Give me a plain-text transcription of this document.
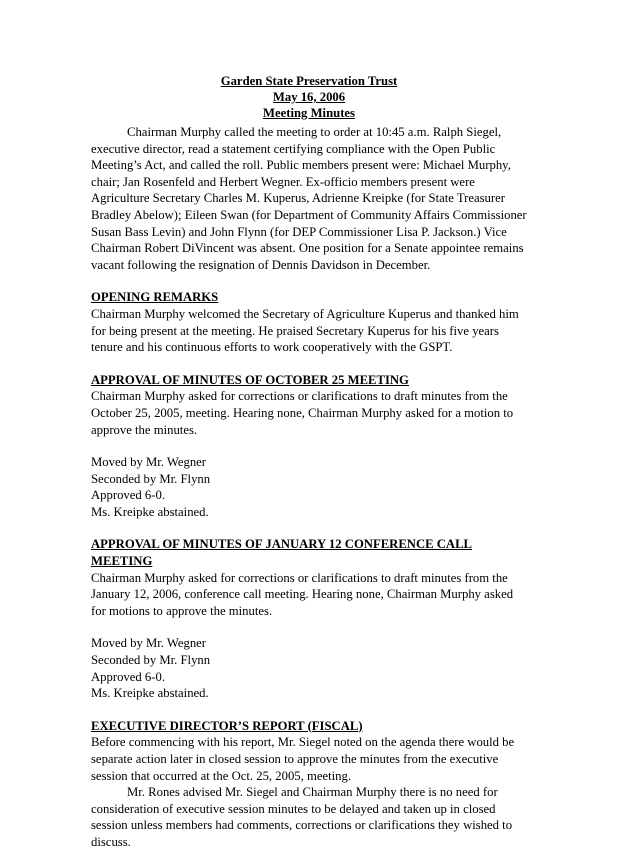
Garden State Preservation Trust
May 16, 2006
Meeting Minutes

Chairman Murphy called the meeting to order at 10:45 a.m. Ralph Siegel, executive director, read a statement certifying compliance with the Open Public Meeting’s Act, and called the roll. Public members present were: Michael Murphy, chair; Jan Rosenfeld and Herbert Wegner. Ex-officio members present were Agriculture Secretary Charles M. Kuperus, Adrienne Kreipke (for State Treasurer Bradley Abelow); Eileen Swan (for Department of Community Affairs Commissioner Susan Bass Levin) and John Flynn (for DEP Commissioner Lisa P. Jackson.) Vice Chairman Robert DiVincent was absent. One position for a Senate appointee remains vacant following the resignation of Dennis Davidson in December.

OPENING REMARKS

Chairman Murphy welcomed the Secretary of Agriculture Kuperus and thanked him for being present at the meeting. He praised Secretary Kuperus for his five years tenure and his continuous efforts to work cooperatively with the GSPT.

APPROVAL OF MINUTES OF OCTOBER 25 MEETING

Chairman Murphy asked for corrections or clarifications to draft minutes from the October 25, 2005, meeting. Hearing none, Chairman Murphy asked for a motion to approve the minutes.

Moved by Mr. Wegner

Seconded by Mr. Flynn

Approved 6-0.

Ms. Kreipke abstained.

APPROVAL OF MINUTES OF JANUARY 12 CONFERENCE CALL MEETING

Chairman Murphy asked for corrections or clarifications to draft minutes from the January 12, 2006, conference call meeting. Hearing none, Chairman Murphy asked for motions to approve the minutes.

Moved by Mr. Wegner

Seconded by Mr. Flynn

Approved 6-0.

Ms. Kreipke abstained.

EXECUTIVE DIRECTOR’S REPORT (FISCAL)

Before commencing with his report, Mr. Siegel noted on the agenda there would be separate action later in closed session to approve the minutes from the executive session that occurred at the Oct. 25, 2005, meeting.

Mr. Rones advised Mr. Siegel and Chairman Murphy there is no need for consideration of executive session minutes to be delayed and taken up in closed session unless members had comments, corrections or clarifications they wished to discuss.
